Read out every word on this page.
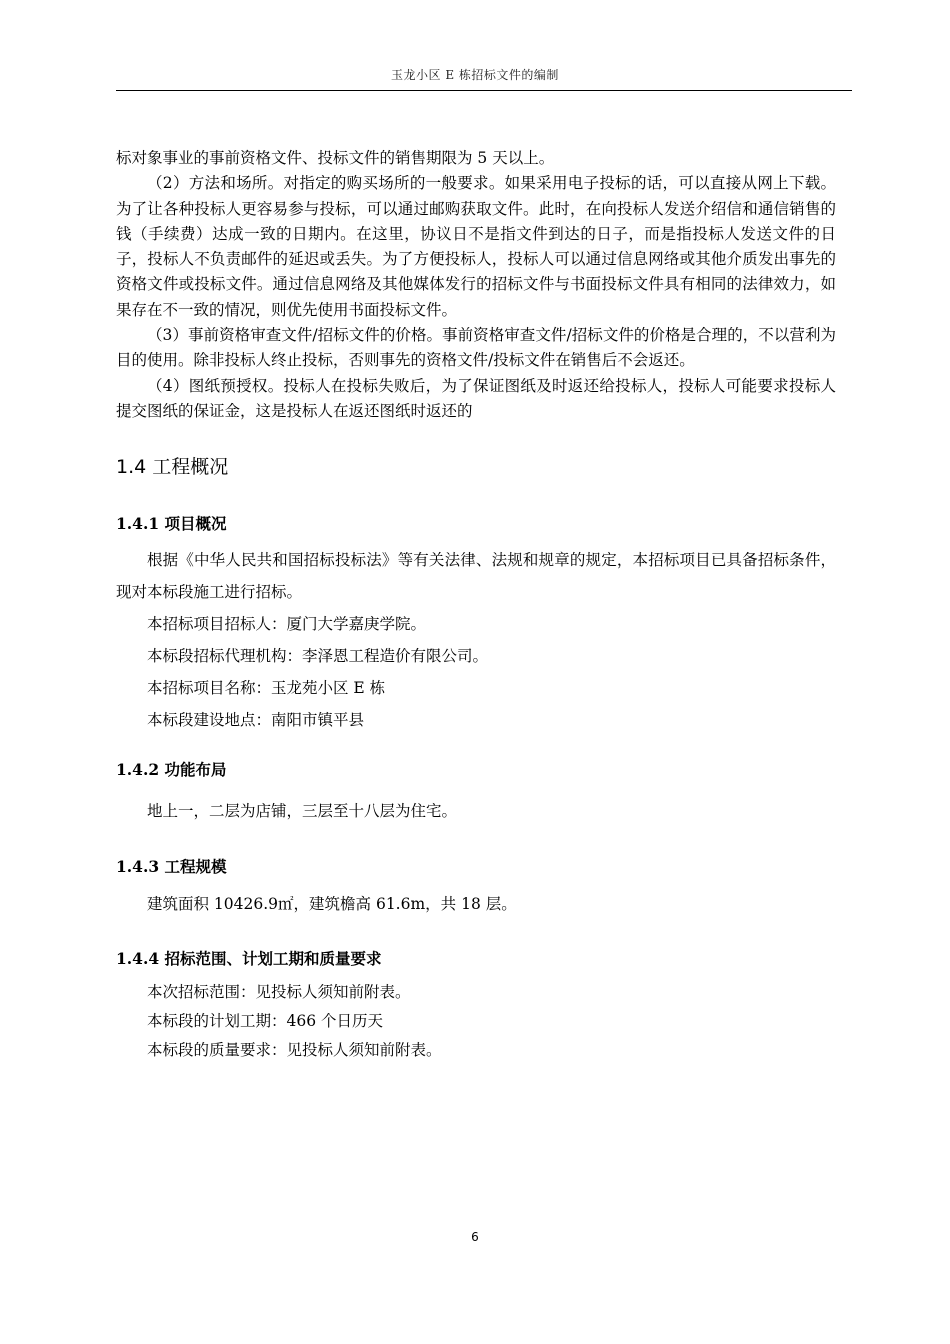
玉龙小区 E 栋招标文件的编制

标对象事业的事前资格文件、投标文件的销售期限为 5 天以上。

（2）方法和场所。对指定的购买场所的一般要求。如果采用电子投标的话，可以直接从网上下载。为了让各种投标人更容易参与投标，可以通过邮购获取文件。此时，在向投标人发送介绍信和通信销售的钱（手续费）达成一致的日期内。在这里，协议日不是指文件到达的日子，而是指投标人发送文件的日子，投标人不负责邮件的延迟或丢失。为了方便投标人，投标人可以通过信息网络或其他介质发出事先的资格文件或投标文件。通过信息网络及其他媒体发行的招标文件与书面投标文件具有相同的法律效力，如果存在不一致的情况，则优先使用书面投标文件。

（3）事前资格审查文件/招标文件的价格。事前资格审查文件/招标文件的价格是合理的，不以营利为目的使用。除非投标人终止投标，否则事先的资格文件/投标文件在销售后不会返还。

（4）图纸预授权。投标人在投标失败后，为了保证图纸及时返还给投标人，投标人可能要求投标人提交图纸的保证金，这是投标人在返还图纸时返还的

1.4 工程概况
1.4.1 项目概况

根据《中华人民共和国招标投标法》等有关法律、法规和规章的规定，本招标项目已具备招标条件，现对本标段施工进行招标。

本招标项目招标人：厦门大学嘉庚学院。

本标段招标代理机构：李泽恩工程造价有限公司。

本招标项目名称：玉龙苑小区 E 栋

本标段建设地点：南阳市镇平县

1.4.2 功能布局

地上一，二层为店铺，三层至十八层为住宅。

1.4.3 工程规模

建筑面积 10426.9㎡，建筑檐高 61.6m，共 18 层。

1.4.4 招标范围、计划工期和质量要求

本次招标范围：见投标人须知前附表。

本标段的计划工期：466 个日历天

本标段的质量要求：见投标人须知前附表。

6
